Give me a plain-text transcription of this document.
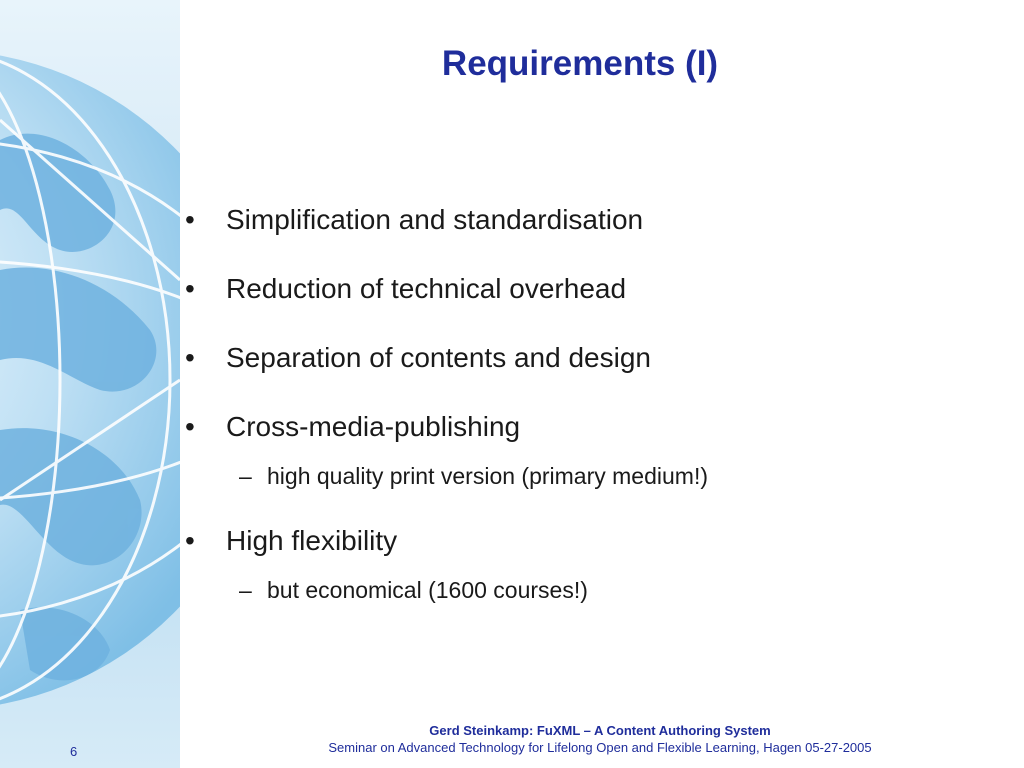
Requirements (I)
• Simplification and standardisation
• Reduction of technical overhead
• Separation of contents and design
• Cross-media-publishing
– high quality print version (primary medium!)
• High flexibility
– but economical (1600 courses!)
Gerd Steinkamp: FuXML – A Content Authoring System
Seminar on Advanced Technology for Lifelong Open and Flexible Learning, Hagen 05-27-2005
6
